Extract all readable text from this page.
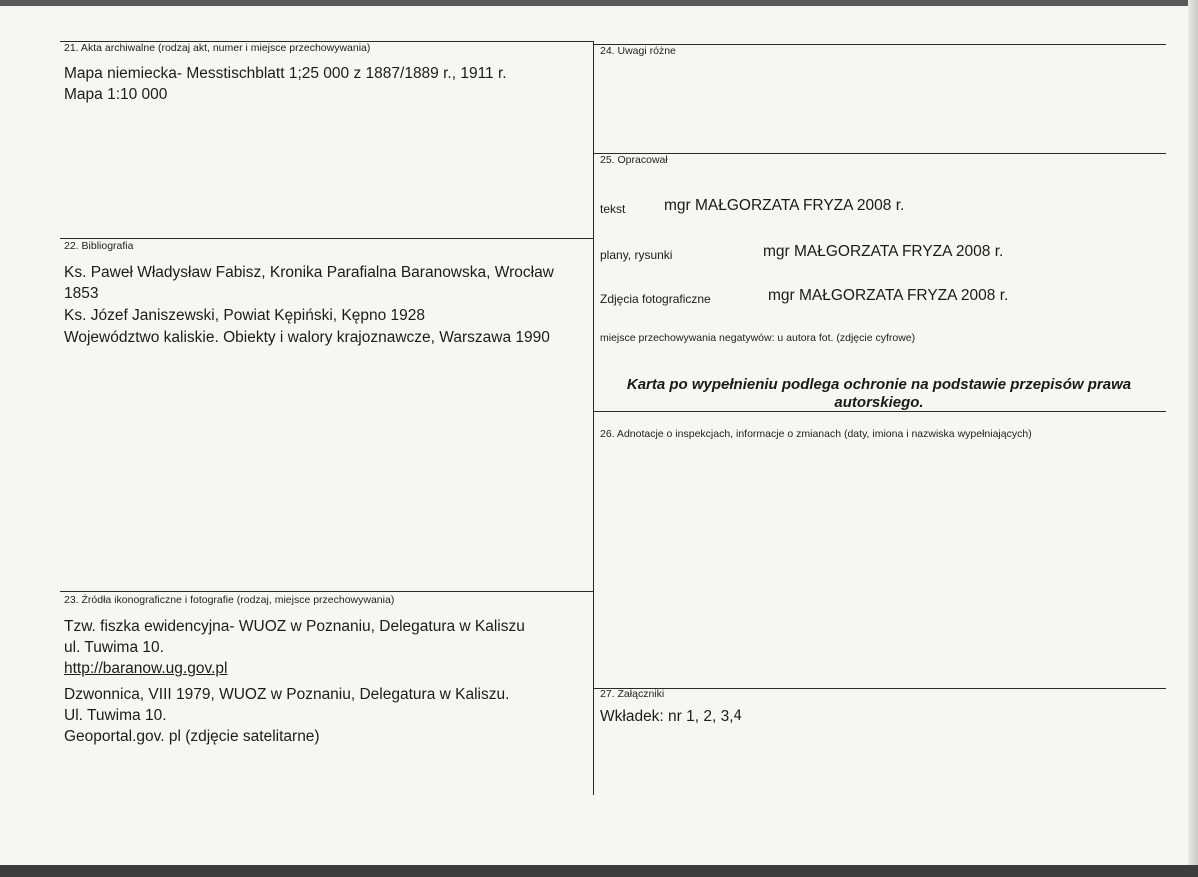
21. Akta archiwalne (rodzaj akt, numer i miejsce przechowywania)
Mapa niemiecka- Messtischblatt 1;25 000 z 1887/1889 r., 1911 r.
Mapa 1:10 000
22. Bibliografia
Ks. Paweł Władysław Fabisz, Kronika Parafialna Baranowska, Wrocław
1853
Ks. Józef Janiszewski, Powiat Kępiński, Kępno 1928
Województwo kaliskie. Obiekty i walory krajoznawcze, Warszawa 1990
23. Źródła ikonograficzne i fotografie (rodzaj, miejsce przechowywania)
Tzw. fiszka ewidencyjna- WUOZ w Poznaniu, Delegatura w Kaliszu
ul. Tuwima 10.
http://baranow.ug.gov.pl
Dzwonnica, VIII 1979, WUOZ w Poznaniu, Delegatura w Kaliszu.
Ul. Tuwima 10.
Geoportal.gov. pl (zdjęcie satelitarne)
24. Uwagi różne
25. Opracował
tekst mgr MAŁGORZATA FRYZA 2008 r.
plany, rysunki	mgr MAŁGORZATA FRYZA 2008 r.
Zdjęcia fotograficzne	mgr MAŁGORZATA FRYZA 2008 r.
miejsce przechowywania negatywów: u autora fot. (zdjęcie cyfrowe)
Karta po wypełnieniu podlega ochronie na podstawie przepisów prawa
autorskiego.
26. Adnotacje o inspekcjach, informacje o zmianach (daty, imiona i nazwiska wypełniających)
27. Załączniki
Wkładek: nr 1, 2, 3, 4
